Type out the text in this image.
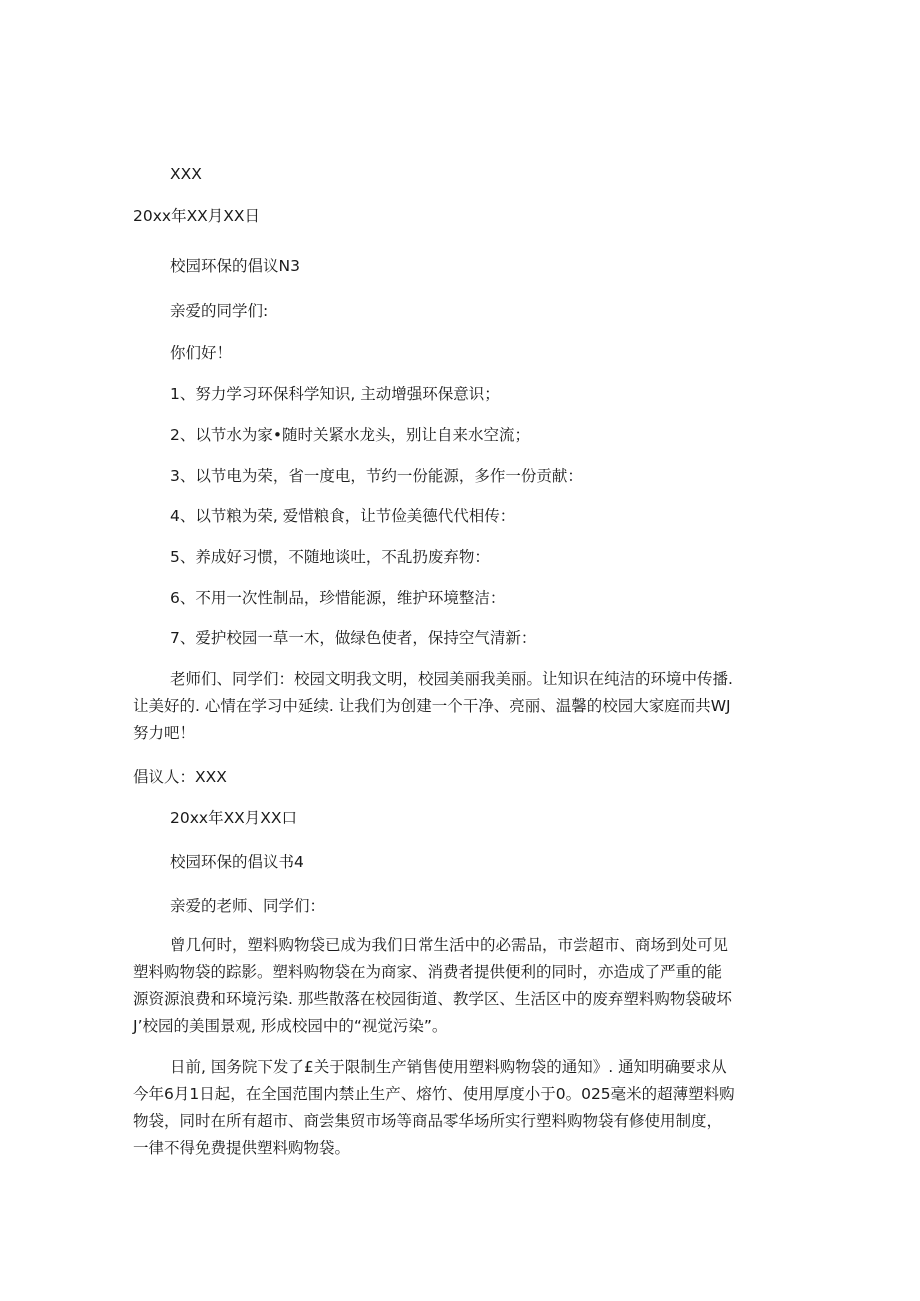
XXX

20xx年XX月XX日

校园环保的倡议N3

亲爱的同学们:

你们好！

1、努力学习环保科学知识, 主动增强环保意识；

2、以节水为家•随时关紧水龙头，别让自来水空流；

3、以节电为荣，省一度电，节约一份能源，多作一份贡献：

4、以节粮为荣, 爱惜粮食，让节俭美德代代相传：

5、养成好习惯，不随地谈吐，不乱扔废弃物：

6、不用一次性制品，珍惜能源，维护环境整洁：

7、爱护校园一草一木，做绿色使者，保持空气清新：

老师们、同学们：校园文明我文明，校园美丽我美丽。让知识在纯洁的环境中传播.

让美好的. 心情在学习中延续. 让我们为创建一个干净、亮丽、温馨的校园大家庭而共WJ

努力吧！

倡议人：XXX

20xx年XX月XX口

校园环保的倡议书4

亲爱的老师、同学们：

曾几何时，塑料购物袋已成为我们日常生活中的必需品，市尝超市、商场到处可见
塑料购物袋的踪影。塑料购物袋在为商家、消费者提供便利的同时，亦造成了严重的能
源资源浪费和环境污染. 那些散落在校园街道、教学区、生活区中的废弃塑料购物袋破坏
J’校园的美围景观, 形成校园中的“视觉污染”。
日前, 国务院下发了£关于限制生产销售使用塑料购物袋的通知》. 通知明确要求从
今年6月1日起，在全国范围内禁止生产、熔竹、使用厚度小于0。025毫米的超薄塑料购
物袋，同时在所有超市、商尝集贸市场等商品零华场所实行塑料购物袋有修使用制度，
一律不得免费提供塑料购物袋。
